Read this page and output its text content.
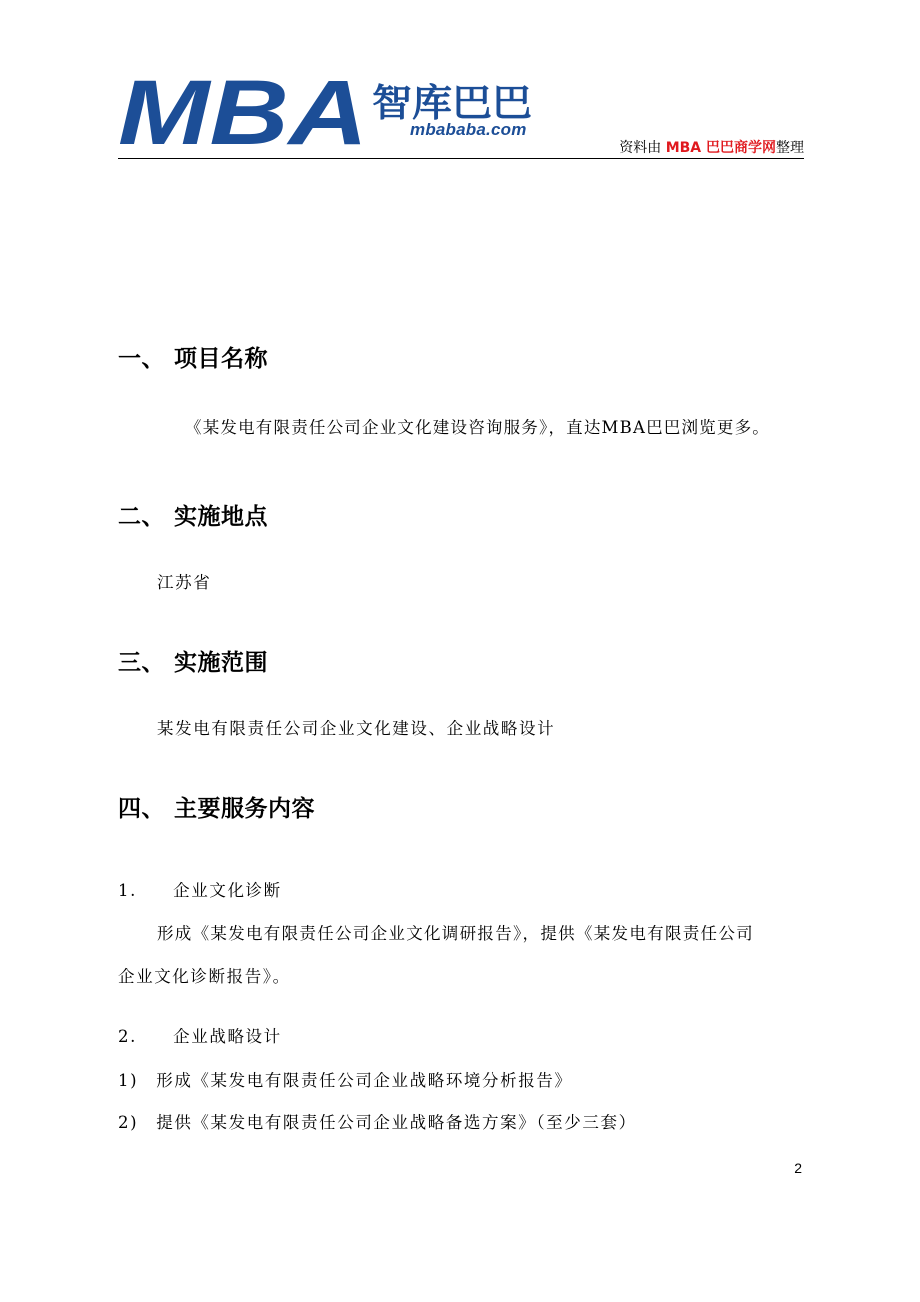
MBA 智库巴巴
mbababa.com
资料由 MBA 巴巴商学网整理
一、 项目名称

《某发电有限责任公司企业文化建设咨询服务》，直达MBA巴巴浏览更多。

二、 实施地点

江苏省

三、 实施范围

某发电有限责任公司企业文化建设、企业战略设计

四、 主要服务内容

1.　　企业文化诊断

形成《某发电有限责任公司企业文化调研报告》，提供《某发电有限责任公司

企业文化诊断报告》。

2.　　企业战略设计

1)　形成《某发电有限责任公司企业战略环境分析报告》

2)　提供《某发电有限责任公司企业战略备选方案》（至少三套）

2
